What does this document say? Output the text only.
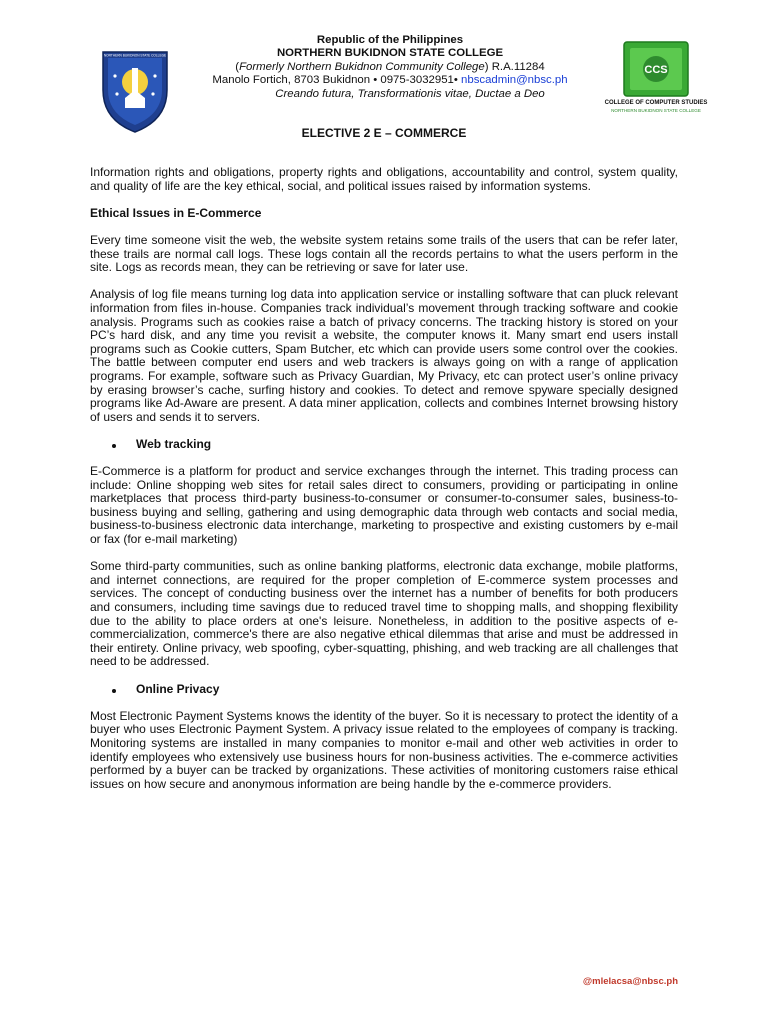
NORTHERN BUKIDNON STATE COLLEGE
Republic of the Philippines
NORTHERN BUKIDNON STATE COLLEGE
(Formerly Northern Bukidnon Community College) R.A.11284
Manolo Fortich, 8703 Bukidnon • 0975-3032951• nbscadmin@nbsc.ph
Creando futura, Transformationis vitae, Ductae a Deo
CCS
COLLEGE OF COMPUTER STUDIES
NORTHERN BUKIDNON STATE COLLEGE
ELECTIVE 2 E – COMMERCE

Information rights and obligations, property rights and obligations, accountability and control, system quality, and quality of life are the key ethical, social, and political issues raised by information systems.

Ethical Issues in E-Commerce

Every time someone visit the web, the website system retains some trails of the users that can be refer later, these trails are normal call logs. These logs contain all the records pertains to what the users perform in the site. Logs as records mean, they can be retrieving or save for later use.

Analysis of log file means turning log data into application service or installing software that can pluck relevant information from files in-house. Companies track individual’s movement through tracking software and cookie analysis. Programs such as cookies raise a batch of privacy concerns. The tracking history is stored on your PC’s hard disk, and any time you revisit a website, the computer knows it. Many smart end users install programs such as Cookie cutters, Spam Butcher, etc which can provide users some control over the cookies. The battle between computer end users and web trackers is always going on with a range of application programs. For example, software such as Privacy Guardian, My Privacy, etc can protect user’s online privacy by erasing browser’s cache, surfing history and cookies. To detect and remove spyware specially designed programs like Ad-Aware are present. A data miner application, collects and combines Internet browsing history of users and sends it to servers.

Web tracking

E-Commerce is a platform for product and service exchanges through the internet. This trading process can include: Online shopping web sites for retail sales direct to consumers, providing or participating in online marketplaces that process third-party business-to-consumer or consumer-to-consumer sales, business-to-business buying and selling, gathering and using demographic data through web contacts and social media, business-to-business electronic data interchange, marketing to prospective and existing customers by e-mail or fax (for e-mail marketing)

Some third-party communities, such as online banking platforms, electronic data exchange, mobile platforms, and internet connections, are required for the proper completion of E-commerce system processes and services. The concept of conducting business over the internet has a number of benefits for both producers and consumers, including time savings due to reduced travel time to shopping malls, and shopping flexibility due to the ability to place orders at one's leisure. Nonetheless, in addition to the positive aspects of e-commercialization, commerce's there are also negative ethical dilemmas that arise and must be addressed in their entirety. Online privacy, web spoofing, cyber-squatting, phishing, and web tracking are all challenges that need to be addressed.

Online Privacy

Most Electronic Payment Systems knows the identity of the buyer. So it is necessary to protect the identity of a buyer who uses Electronic Payment System. A privacy issue related to the employees of company is tracking. Monitoring systems are installed in many companies to monitor e-mail and other web activities in order to identify employees who extensively use business hours for non-business activities. The e-commerce activities performed by a buyer can be tracked by organizations. These activities of monitoring customers raise ethical issues on how secure and anonymous information are being handle by the e-commerce providers.

@mlelacsa@nbsc.ph
